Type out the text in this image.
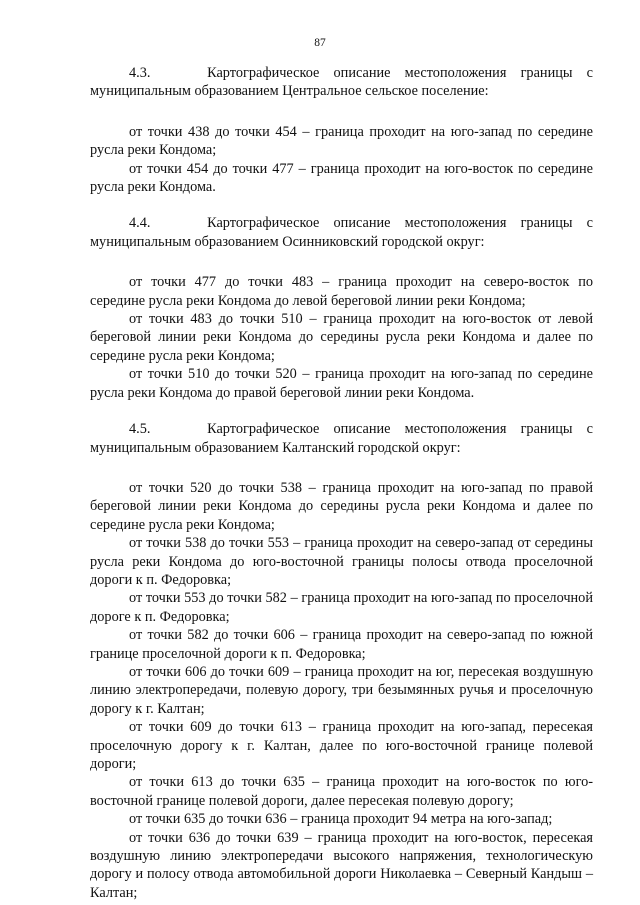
87

4.3.    Картографическое описание местоположения границы с муниципальным образованием Центральное сельское поселение:

от точки 438 до точки 454 – граница проходит на юго-запад по середине русла реки Кондома;

от точки 454 до точки 477 – граница проходит на юго-восток по середине русла реки Кондома.

4.4.    Картографическое описание местоположения границы с муниципальным образованием Осинниковский городской округ:

от точки 477 до точки 483 – граница проходит на северо-восток по середине русла реки Кондома до левой береговой линии реки Кондома;

от точки 483 до точки 510 – граница проходит на юго-восток от левой береговой линии реки Кондома до середины русла реки Кондома и далее по середине русла реки Кондома;

от точки 510 до точки 520 – граница проходит на юго-запад по середине русла реки Кондома до правой береговой линии реки Кондома.

4.5.    Картографическое описание местоположения границы с муниципальным образованием Калтанский городской округ:

от точки 520 до точки 538 – граница проходит на юго-запад по правой береговой линии реки Кондома до середины русла реки Кондома и далее по середине русла реки Кондома;

от точки 538 до точки 553 – граница проходит на северо-запад от середины русла реки Кондома до юго-восточной границы полосы отвода проселочной дороги к п. Федоровка;

от точки 553 до точки 582 – граница проходит на юго-запад по проселочной дороге к п. Федоровка;

от точки 582 до точки 606 – граница проходит на северо-запад по южной границе проселочной дороги к п. Федоровка;

от точки 606 до точки 609 – граница проходит на юг, пересекая воздушную линию электропередачи, полевую дорогу, три безымянных ручья и проселочную дорогу к г. Калтан;

от точки 609 до точки 613 – граница проходит на юго-запад, пересекая проселочную дорогу к г. Калтан, далее по юго-восточной границе полевой дороги;

от точки 613 до точки 635 – граница проходит на юго-восток по юго-восточной границе полевой дороги, далее пересекая полевую дорогу;

от точки 635 до точки 636 – граница проходит 94 метра на юго-запад;

от точки 636 до точки 639 – граница проходит на юго-восток, пересекая воздушную линию электропередачи высокого напряжения, технологическую дорогу и полосу отвода автомобильной дороги Николаевка – Северный Кандыш – Калтан;
